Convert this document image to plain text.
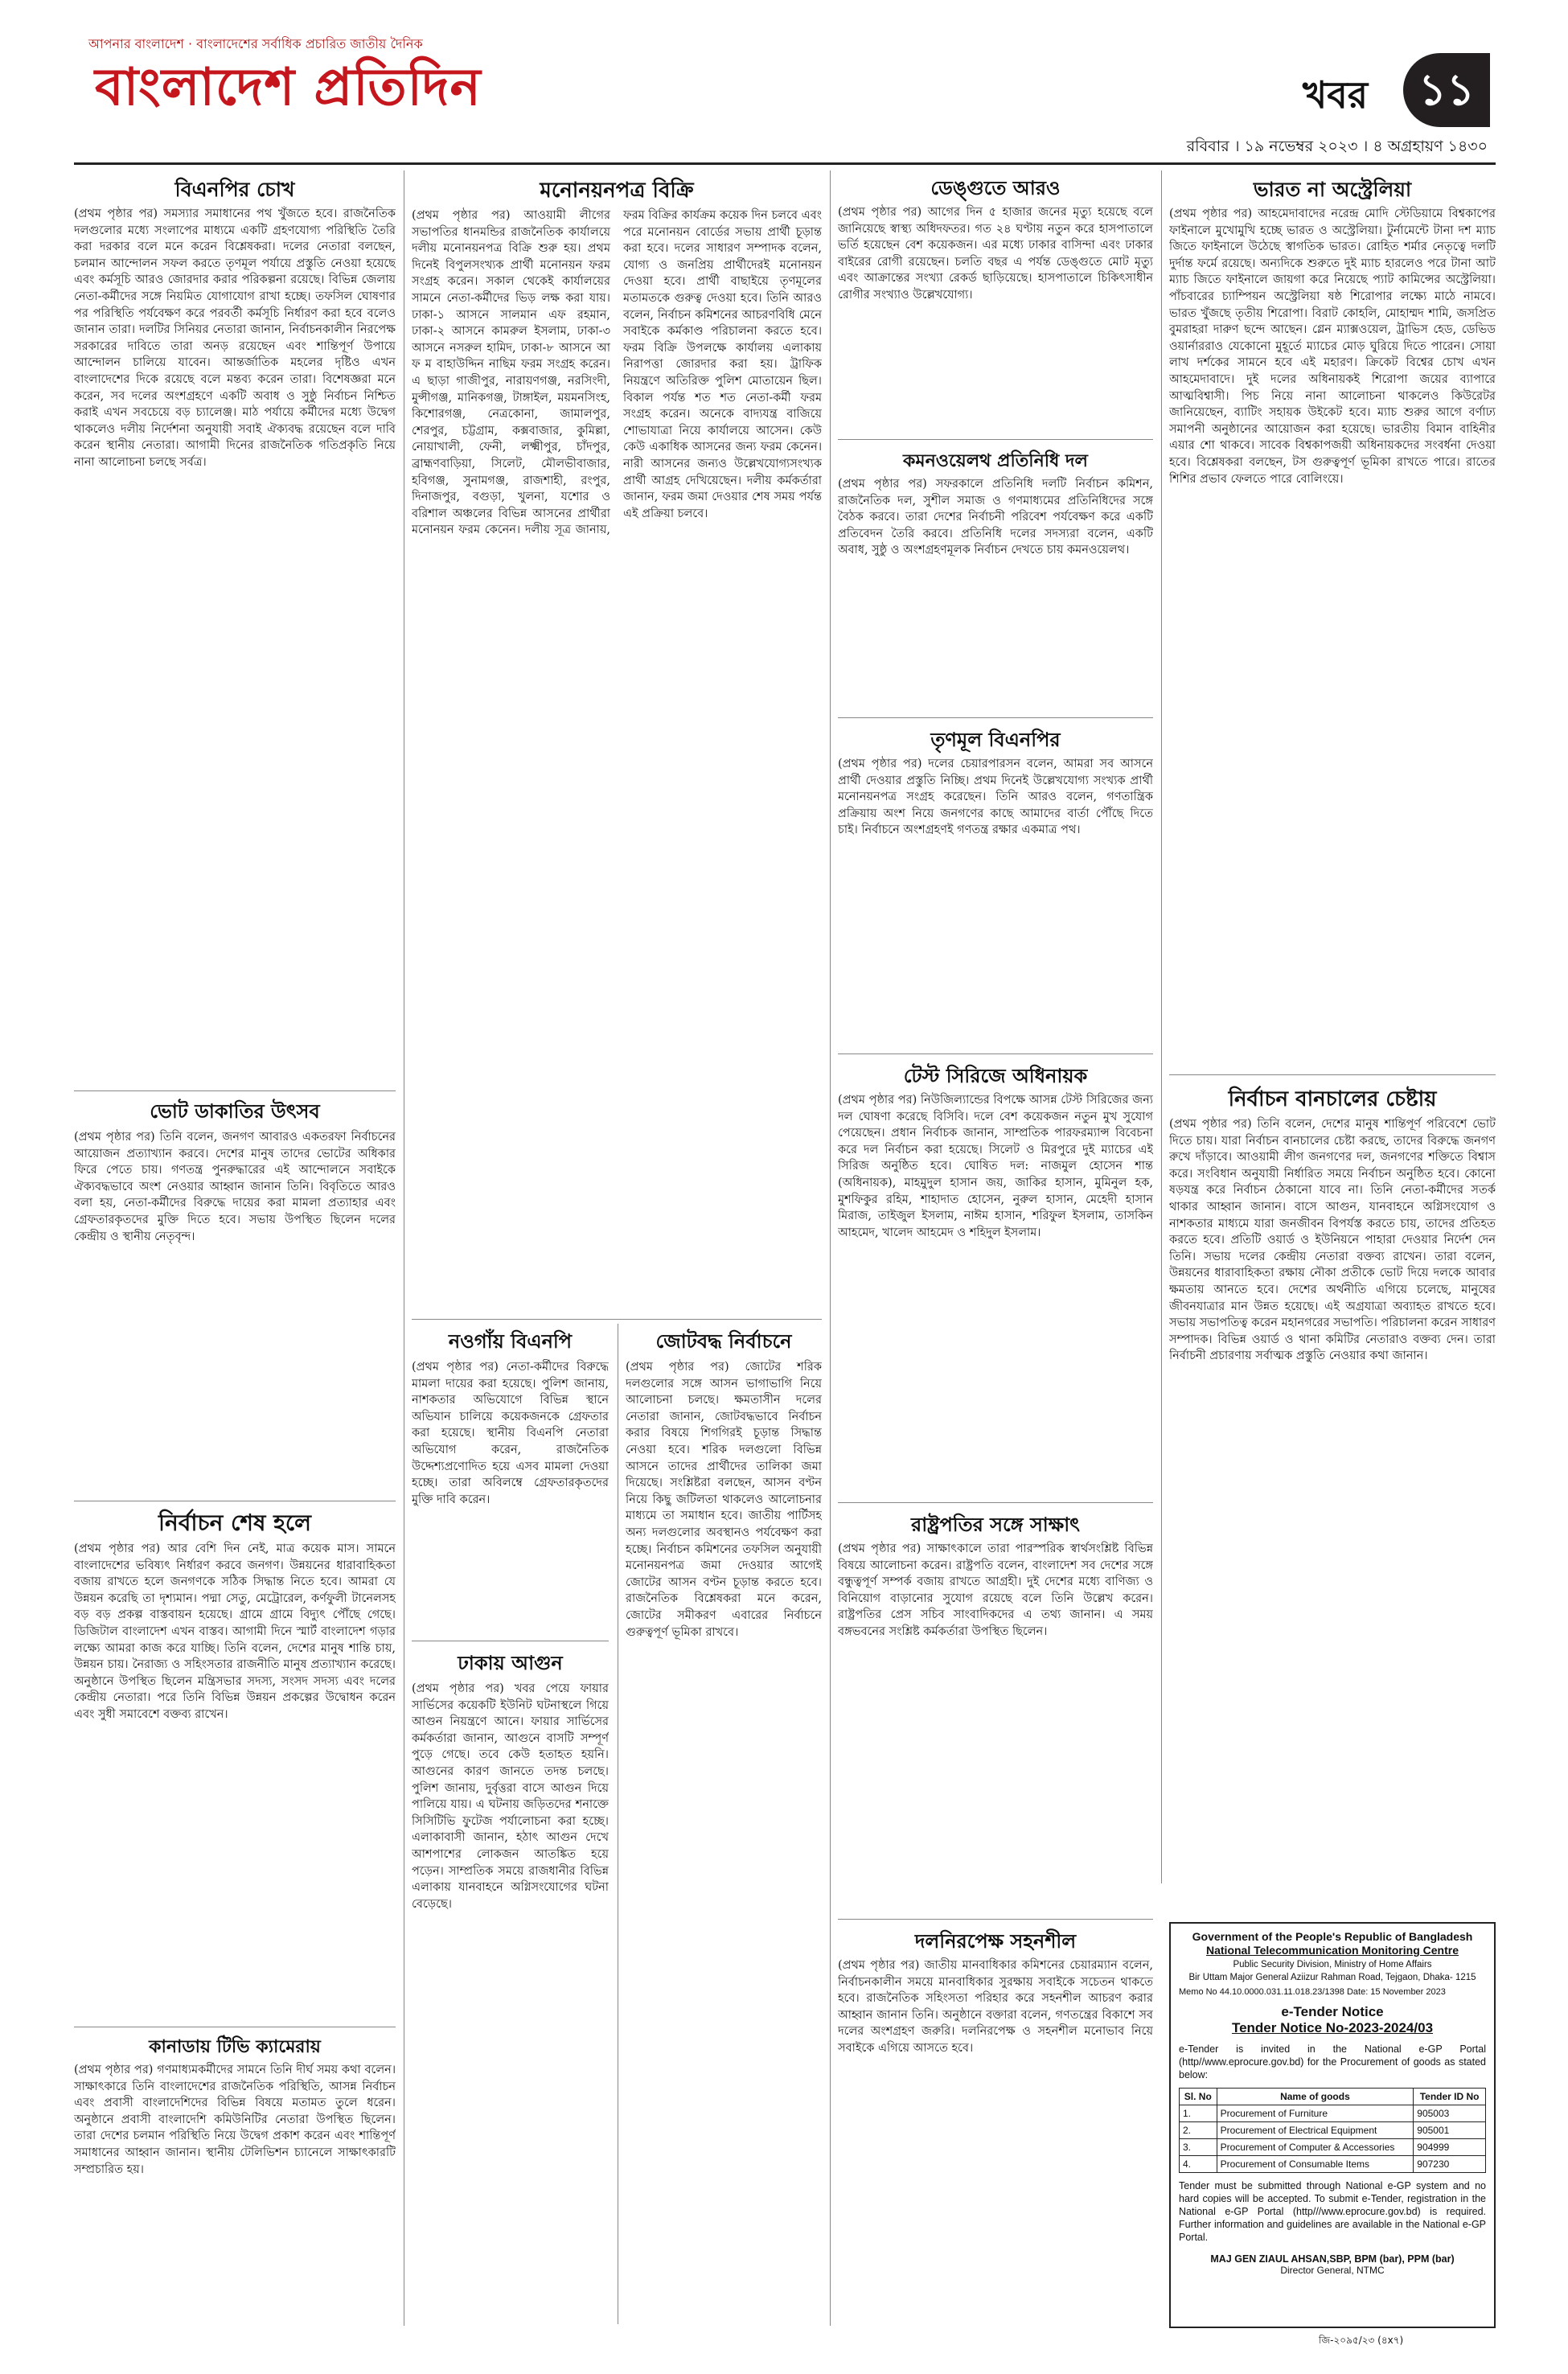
আপনার বাংলাদেশ · বাংলাদেশের সর্বাধিক প্রচারিত জাতীয় দৈনিক
বাংলাদেশ প্রতিদিন	খবর	১১
রবিবার । ১৯ নভেম্বর ২০২৩ । ৪ অগ্রহায়ণ ১৪৩০
বিএনপির চোখ

(প্রথম পৃষ্ঠার পর) সমস্যার সমাধানের পথ খুঁজতে হবে। রাজনৈতিক দলগুলোর মধ্যে সংলাপের মাধ্যমে একটি গ্রহণযোগ্য পরিস্থিতি তৈরি করা দরকার বলে মনে করেন বিশ্লেষকরা। দলের নেতারা বলছেন, চলমান আন্দোলন সফল করতে তৃণমূল পর্যায়ে প্রস্তুতি নেওয়া হয়েছে এবং কর্মসূচি আরও জোরদার করার পরিকল্পনা রয়েছে। বিভিন্ন জেলায় নেতা-কর্মীদের সঙ্গে নিয়মিত যোগাযোগ রাখা হচ্ছে। তফসিল ঘোষণার পর পরিস্থিতি পর্যবেক্ষণ করে পরবর্তী কর্মসূচি নির্ধারণ করা হবে বলেও জানান তারা। দলটির সিনিয়র নেতারা জানান, নির্বাচনকালীন নিরপেক্ষ সরকারের দাবিতে তারা অনড় রয়েছেন এবং শান্তিপূর্ণ উপায়ে আন্দোলন চালিয়ে যাবেন। আন্তর্জাতিক মহলের দৃষ্টিও এখন বাংলাদেশের দিকে রয়েছে বলে মন্তব্য করেন তারা। বিশেষজ্ঞরা মনে করেন, সব দলের অংশগ্রহণে একটি অবাধ ও সুষ্ঠু নির্বাচন নিশ্চিত করাই এখন সবচেয়ে বড় চ্যালেঞ্জ। মাঠ পর্যায়ে কর্মীদের মধ্যে উদ্বেগ থাকলেও দলীয় নির্দেশনা অনুযায়ী সবাই ঐক্যবদ্ধ রয়েছেন বলে দাবি করেন স্থানীয় নেতারা। আগামী দিনের রাজনৈতিক গতিপ্রকৃতি নিয়ে নানা আলোচনা চলছে সর্বত্র।

ভোট ডাকাতির উৎসব

(প্রথম পৃষ্ঠার পর) তিনি বলেন, জনগণ আবারও একতরফা নির্বাচনের আয়োজন প্রত্যাখ্যান করবে। দেশের মানুষ তাদের ভোটের অধিকার ফিরে পেতে চায়। গণতন্ত্র পুনরুদ্ধারের এই আন্দোলনে সবাইকে ঐক্যবদ্ধভাবে অংশ নেওয়ার আহ্বান জানান তিনি। বিবৃতিতে আরও বলা হয়, নেতা-কর্মীদের বিরুদ্ধে দায়ের করা মামলা প্রত্যাহার এবং গ্রেফতারকৃতদের মুক্তি দিতে হবে। সভায় উপস্থিত ছিলেন দলের কেন্দ্রীয় ও স্থানীয় নেতৃবৃন্দ।

নির্বাচন শেষ হলে

(প্রথম পৃষ্ঠার পর) আর বেশি দিন নেই, মাত্র কয়েক মাস। সামনে বাংলাদেশের ভবিষ্যৎ নির্ধারণ করবে জনগণ। উন্নয়নের ধারাবাহিকতা বজায় রাখতে হলে জনগণকে সঠিক সিদ্ধান্ত নিতে হবে। আমরা যে উন্নয়ন করেছি তা দৃশ্যমান। পদ্মা সেতু, মেট্রোরেল, কর্ণফুলী টানেলসহ বড় বড় প্রকল্প বাস্তবায়ন হয়েছে। গ্রামে গ্রামে বিদ্যুৎ পৌঁছে গেছে। ডিজিটাল বাংলাদেশ এখন বাস্তব। আগামী দিনে স্মার্ট বাংলাদেশ গড়ার লক্ষ্যে আমরা কাজ করে যাচ্ছি। তিনি বলেন, দেশের মানুষ শান্তি চায়, উন্নয়ন চায়। নৈরাজ্য ও সহিংসতার রাজনীতি মানুষ প্রত্যাখ্যান করেছে। অনুষ্ঠানে উপস্থিত ছিলেন মন্ত্রিসভার সদস্য, সংসদ সদস্য এবং দলের কেন্দ্রীয় নেতারা। পরে তিনি বিভিন্ন উন্নয়ন প্রকল্পের উদ্বোধন করেন এবং সুধী সমাবেশে বক্তব্য রাখেন।

কানাডায় টিভি ক্যামেরায়

(প্রথম পৃষ্ঠার পর) গণমাধ্যমকর্মীদের সামনে তিনি দীর্ঘ সময় কথা বলেন। সাক্ষাৎকারে তিনি বাংলাদেশের রাজনৈতিক পরিস্থিতি, আসন্ন নির্বাচন এবং প্রবাসী বাংলাদেশিদের বিভিন্ন বিষয়ে মতামত তুলে ধরেন। অনুষ্ঠানে প্রবাসী বাংলাদেশি কমিউনিটির নেতারা উপস্থিত ছিলেন। তারা দেশের চলমান পরিস্থিতি নিয়ে উদ্বেগ প্রকাশ করেন এবং শান্তিপূর্ণ সমাধানের আহ্বান জানান। স্থানীয় টেলিভিশন চ্যানেলে সাক্ষাৎকারটি সম্প্রচারিত হয়।

মনোনয়নপত্র বিক্রি

(প্রথম পৃষ্ঠার পর) আওয়ামী লীগের সভাপতির ধানমন্ডির রাজনৈতিক কার্যালয়ে দলীয় মনোনয়নপত্র বিক্রি শুরু হয়। প্রথম দিনেই বিপুলসংখ্যক প্রার্থী মনোনয়ন ফরম সংগ্রহ করেন। সকাল থেকেই কার্যালয়ের সামনে নেতা-কর্মীদের ভিড় লক্ষ করা যায়। ঢাকা-১ আসনে সালমান এফ রহমান, ঢাকা-২ আসনে কামরুল ইসলাম, ঢাকা-৩ আসনে নসরুল হামিদ, ঢাকা-৮ আসনে আ ফ ম বাহাউদ্দিন নাছিম ফরম সংগ্রহ করেন। এ ছাড়া গাজীপুর, নারায়ণগঞ্জ, নরসিংদী, মুন্সীগঞ্জ, মানিকগঞ্জ, টাঙ্গাইল, ময়মনসিংহ, কিশোরগঞ্জ, নেত্রকোনা, জামালপুর, শেরপুর, চট্টগ্রাম, কক্সবাজার, কুমিল্লা, নোয়াখালী, ফেনী, লক্ষ্মীপুর, চাঁদপুর, ব্রাহ্মণবাড়িয়া, সিলেট, মৌলভীবাজার, হবিগঞ্জ, সুনামগঞ্জ, রাজশাহী, রংপুর, দিনাজপুর, বগুড়া, খুলনা, যশোর ও বরিশাল অঞ্চলের বিভিন্ন আসনের প্রার্থীরা মনোনয়ন ফরম কেনেন। দলীয় সূত্র জানায়, ফরম বিক্রির কার্যক্রম কয়েক দিন চলবে এবং পরে মনোনয়ন বোর্ডের সভায় প্রার্থী চূড়ান্ত করা হবে। দলের সাধারণ সম্পাদক বলেন, যোগ্য ও জনপ্রিয় প্রার্থীদেরই মনোনয়ন দেওয়া হবে। প্রার্থী বাছাইয়ে তৃণমূলের মতামতকে গুরুত্ব দেওয়া হবে। তিনি আরও বলেন, নির্বাচন কমিশনের আচরণবিধি মেনে সবাইকে কর্মকাণ্ড পরিচালনা করতে হবে। ফরম বিক্রি উপলক্ষে কার্যালয় এলাকায় নিরাপত্তা জোরদার করা হয়। ট্রাফিক নিয়ন্ত্রণে অতিরিক্ত পুলিশ মোতায়েন ছিল। বিকাল পর্যন্ত শত শত নেতা-কর্মী ফরম সংগ্রহ করেন। অনেকে বাদ্যযন্ত্র বাজিয়ে শোভাযাত্রা নিয়ে কার্যালয়ে আসেন। কেউ কেউ একাধিক আসনের জন্য ফরম কেনেন। নারী আসনের জন্যও উল্লেখযোগ্যসংখ্যক প্রার্থী আগ্রহ দেখিয়েছেন। দলীয় কর্মকর্তারা জানান, ফরম জমা দেওয়ার শেষ সময় পর্যন্ত এই প্রক্রিয়া চলবে।

নওগাঁয় বিএনপি

(প্রথম পৃষ্ঠার পর) নেতা-কর্মীদের বিরুদ্ধে মামলা দায়ের করা হয়েছে। পুলিশ জানায়, নাশকতার অভিযোগে বিভিন্ন স্থানে অভিযান চালিয়ে কয়েকজনকে গ্রেফতার করা হয়েছে। স্থানীয় বিএনপি নেতারা অভিযোগ করেন, রাজনৈতিক উদ্দেশ্যপ্রণোদিত হয়ে এসব মামলা দেওয়া হচ্ছে। তারা অবিলম্বে গ্রেফতারকৃতদের মুক্তি দাবি করেন।

ঢাকায় আগুন

(প্রথম পৃষ্ঠার পর) খবর পেয়ে ফায়ার সার্ভিসের কয়েকটি ইউনিট ঘটনাস্থলে গিয়ে আগুন নিয়ন্ত্রণে আনে। ফায়ার সার্ভিসের কর্মকর্তারা জানান, আগুনে বাসটি সম্পূর্ণ পুড়ে গেছে। তবে কেউ হতাহত হয়নি। আগুনের কারণ জানতে তদন্ত চলছে। পুলিশ জানায়, দুর্বৃত্তরা বাসে আগুন দিয়ে পালিয়ে যায়। এ ঘটনায় জড়িতদের শনাক্তে সিসিটিভি ফুটেজ পর্যালোচনা করা হচ্ছে। এলাকাবাসী জানান, হঠাৎ আগুন দেখে আশপাশের লোকজন আতঙ্কিত হয়ে পড়েন। সাম্প্রতিক সময়ে রাজধানীর বিভিন্ন এলাকায় যানবাহনে অগ্নিসংযোগের ঘটনা বেড়েছে।

জোটবদ্ধ নির্বাচনে

(প্রথম পৃষ্ঠার পর) জোটের শরিক দলগুলোর সঙ্গে আসন ভাগাভাগি নিয়ে আলোচনা চলছে। ক্ষমতাসীন দলের নেতারা জানান, জোটবদ্ধভাবে নির্বাচন করার বিষয়ে শিগগিরই চূড়ান্ত সিদ্ধান্ত নেওয়া হবে। শরিক দলগুলো বিভিন্ন আসনে তাদের প্রার্থীদের তালিকা জমা দিয়েছে। সংশ্লিষ্টরা বলছেন, আসন বণ্টন নিয়ে কিছু জটিলতা থাকলেও আলোচনার মাধ্যমে তা সমাধান হবে। জাতীয় পার্টিসহ অন্য দলগুলোর অবস্থানও পর্যবেক্ষণ করা হচ্ছে। নির্বাচন কমিশনের তফসিল অনুযায়ী মনোনয়নপত্র জমা দেওয়ার আগেই জোটের আসন বণ্টন চূড়ান্ত করতে হবে। রাজনৈতিক বিশ্লেষকরা মনে করেন, জোটের সমীকরণ এবারের নির্বাচনে গুরুত্বপূর্ণ ভূমিকা রাখবে।

ডেঙ্গুতে আরও

(প্রথম পৃষ্ঠার পর) আগের দিন ৫ হাজার জনের মৃত্যু হয়েছে বলে জানিয়েছে স্বাস্থ্য অধিদফতর। গত ২৪ ঘণ্টায় নতুন করে হাসপাতালে ভর্তি হয়েছেন বেশ কয়েকজন। এর মধ্যে ঢাকার বাসিন্দা এবং ঢাকার বাইরের রোগী রয়েছেন। চলতি বছর এ পর্যন্ত ডেঙ্গুতে মোট মৃত্যু এবং আক্রান্তের সংখ্যা রেকর্ড ছাড়িয়েছে। হাসপাতালে চিকিৎসাধীন রোগীর সংখ্যাও উল্লেখযোগ্য।

কমনওয়েলথ প্রতিনিধি দল

(প্রথম পৃষ্ঠার পর) সফরকালে প্রতিনিধি দলটি নির্বাচন কমিশন, রাজনৈতিক দল, সুশীল সমাজ ও গণমাধ্যমের প্রতিনিধিদের সঙ্গে বৈঠক করবে। তারা দেশের নির্বাচনী পরিবেশ পর্যবেক্ষণ করে একটি প্রতিবেদন তৈরি করবে। প্রতিনিধি দলের সদস্যরা বলেন, একটি অবাধ, সুষ্ঠু ও অংশগ্রহণমূলক নির্বাচন দেখতে চায় কমনওয়েলথ।

তৃণমূল বিএনপির

(প্রথম পৃষ্ঠার পর) দলের চেয়ারপারসন বলেন, আমরা সব আসনে প্রার্থী দেওয়ার প্রস্তুতি নিচ্ছি। প্রথম দিনেই উল্লেখযোগ্য সংখ্যক প্রার্থী মনোনয়নপত্র সংগ্রহ করেছেন। তিনি আরও বলেন, গণতান্ত্রিক প্রক্রিয়ায় অংশ নিয়ে জনগণের কাছে আমাদের বার্তা পৌঁছে দিতে চাই। নির্বাচনে অংশগ্রহণই গণতন্ত্র রক্ষার একমাত্র পথ।

টেস্ট সিরিজে অধিনায়ক

(প্রথম পৃষ্ঠার পর) নিউজিল্যান্ডের বিপক্ষে আসন্ন টেস্ট সিরিজের জন্য দল ঘোষণা করেছে বিসিবি। দলে বেশ কয়েকজন নতুন মুখ সুযোগ পেয়েছেন। প্রধান নির্বাচক জানান, সাম্প্রতিক পারফরম্যান্স বিবেচনা করে দল নির্বাচন করা হয়েছে। সিলেট ও মিরপুরে দুই ম্যাচের এই সিরিজ অনুষ্ঠিত হবে। ঘোষিত দল: নাজমুল হোসেন শান্ত (অধিনায়ক), মাহমুদুল হাসান জয়, জাকির হাসান, মুমিনুল হক, মুশফিকুর রহিম, শাহাদাত হোসেন, নুরুল হাসান, মেহেদী হাসান মিরাজ, তাইজুল ইসলাম, নাঈম হাসান, শরিফুল ইসলাম, তাসকিন আহমেদ, খালেদ আহমেদ ও শহিদুল ইসলাম।

রাষ্ট্রপতির সঙ্গে সাক্ষাৎ

(প্রথম পৃষ্ঠার পর) সাক্ষাৎকালে তারা পারস্পরিক স্বার্থসংশ্লিষ্ট বিভিন্ন বিষয়ে আলোচনা করেন। রাষ্ট্রপতি বলেন, বাংলাদেশ সব দেশের সঙ্গে বন্ধুত্বপূর্ণ সম্পর্ক বজায় রাখতে আগ্রহী। দুই দেশের মধ্যে বাণিজ্য ও বিনিয়োগ বাড়ানোর সুযোগ রয়েছে বলে তিনি উল্লেখ করেন। রাষ্ট্রপতির প্রেস সচিব সাংবাদিকদের এ তথ্য জানান। এ সময় বঙ্গভবনের সংশ্লিষ্ট কর্মকর্তারা উপস্থিত ছিলেন।

দলনিরপেক্ষ সহনশীল

(প্রথম পৃষ্ঠার পর) জাতীয় মানবাধিকার কমিশনের চেয়ারম্যান বলেন, নির্বাচনকালীন সময়ে মানবাধিকার সুরক্ষায় সবাইকে সচেতন থাকতে হবে। রাজনৈতিক সহিংসতা পরিহার করে সহনশীল আচরণ করার আহ্বান জানান তিনি। অনুষ্ঠানে বক্তারা বলেন, গণতন্ত্রের বিকাশে সব দলের অংশগ্রহণ জরুরি। দলনিরপেক্ষ ও সহনশীল মনোভাব নিয়ে সবাইকে এগিয়ে আসতে হবে।

ভারত না অস্ট্রেলিয়া

(প্রথম পৃষ্ঠার পর) আহমেদাবাদের নরেন্দ্র মোদি স্টেডিয়ামে বিশ্বকাপের ফাইনালে মুখোমুখি হচ্ছে ভারত ও অস্ট্রেলিয়া। টুর্নামেন্টে টানা দশ ম্যাচ জিতে ফাইনালে উঠেছে স্বাগতিক ভারত। রোহিত শর্মার নেতৃত্বে দলটি দুর্দান্ত ফর্মে রয়েছে। অন্যদিকে শুরুতে দুই ম্যাচ হারলেও পরে টানা আট ম্যাচ জিতে ফাইনালে জায়গা করে নিয়েছে প্যাট কামিন্সের অস্ট্রেলিয়া। পাঁচবারের চ্যাম্পিয়ন অস্ট্রেলিয়া ষষ্ঠ শিরোপার লক্ষ্যে মাঠে নামবে। ভারত খুঁজছে তৃতীয় শিরোপা। বিরাট কোহলি, মোহাম্মদ শামি, জসপ্রিত বুমরাহরা দারুণ ছন্দে আছেন। গ্লেন ম্যাক্সওয়েল, ট্রাভিস হেড, ডেভিড ওয়ার্নাররাও যেকোনো মুহূর্তে ম্যাচের মোড় ঘুরিয়ে দিতে পারেন। সোয়া লাখ দর্শকের সামনে হবে এই মহারণ। ক্রিকেট বিশ্বের চোখ এখন আহমেদাবাদে। দুই দলের অধিনায়কই শিরোপা জয়ের ব্যাপারে আত্মবিশ্বাসী। পিচ নিয়ে নানা আলোচনা থাকলেও কিউরেটর জানিয়েছেন, ব্যাটিং সহায়ক উইকেট হবে। ম্যাচ শুরুর আগে বর্ণাঢ্য সমাপনী অনুষ্ঠানের আয়োজন করা হয়েছে। ভারতীয় বিমান বাহিনীর এয়ার শো থাকবে। সাবেক বিশ্বকাপজয়ী অধিনায়কদের সংবর্ধনা দেওয়া হবে। বিশ্লেষকরা বলছেন, টস গুরুত্বপূর্ণ ভূমিকা রাখতে পারে। রাতের শিশির প্রভাব ফেলতে পারে বোলিংয়ে।

নির্বাচন বানচালের চেষ্টায়

(প্রথম পৃষ্ঠার পর) তিনি বলেন, দেশের মানুষ শান্তিপূর্ণ পরিবেশে ভোট দিতে চায়। যারা নির্বাচন বানচালের চেষ্টা করছে, তাদের বিরুদ্ধে জনগণ রুখে দাঁড়াবে। আওয়ামী লীগ জনগণের দল, জনগণের শক্তিতে বিশ্বাস করে। সংবিধান অনুযায়ী নির্ধারিত সময়ে নির্বাচন অনুষ্ঠিত হবে। কোনো ষড়যন্ত্র করে নির্বাচন ঠেকানো যাবে না। তিনি নেতা-কর্মীদের সতর্ক থাকার আহ্বান জানান। বাসে আগুন, যানবাহনে অগ্নিসংযোগ ও নাশকতার মাধ্যমে যারা জনজীবন বিপর্যস্ত করতে চায়, তাদের প্রতিহত করতে হবে। প্রতিটি ওয়ার্ড ও ইউনিয়নে পাহারা দেওয়ার নির্দেশ দেন তিনি। সভায় দলের কেন্দ্রীয় নেতারা বক্তব্য রাখেন। তারা বলেন, উন্নয়নের ধারাবাহিকতা রক্ষায় নৌকা প্রতীকে ভোট দিয়ে দলকে আবার ক্ষমতায় আনতে হবে। দেশের অর্থনীতি এগিয়ে চলেছে, মানুষের জীবনযাত্রার মান উন্নত হয়েছে। এই অগ্রযাত্রা অব্যাহত রাখতে হবে। সভায় সভাপতিত্ব করেন মহানগরের সভাপতি। পরিচালনা করেন সাধারণ সম্পাদক। বিভিন্ন ওয়ার্ড ও থানা কমিটির নেতারাও বক্তব্য দেন। তারা নির্বাচনী প্রচারণায় সর্বাত্মক প্রস্তুতি নেওয়ার কথা জানান।

Government of the People's Republic of Bangladesh
National Telecommunication Monitoring Centre
Public Security Division, Ministry of Home Affairs
Bir Uttam Major General Aziizur Rahman Road, Tejgaon, Dhaka- 1215
Memo No 44.10.0000.031.11.018.23/1398 Date: 15 November 2023
e-Tender Notice
Tender Notice No-2023-2024/03
e-Tender is invited in the National e-GP Portal (http//www.eprocure.gov.bd) for the Procurement of goods as stated below:
Sl. No	Name of goods	Tender ID No
1.	Procurement of Furniture	905003
2.	Procurement of Electrical Equipment	905001
3.	Procurement of Computer & Accessories	904999
4.	Procurement of Consumable Items	907230
Tender must be submitted through National e-GP system and no hard copies will be accepted. To submit e-Tender, registration in the National e-GP Portal (http///www.eprocure.gov.bd) is required. Further information and guidelines are available in the National e-GP Portal.
MAJ GEN ZIAUL AHSAN,SBP, BPM (bar), PPM (bar)
Director General, NTMC
জি-২০৯৫/২৩ (৪x৭)
